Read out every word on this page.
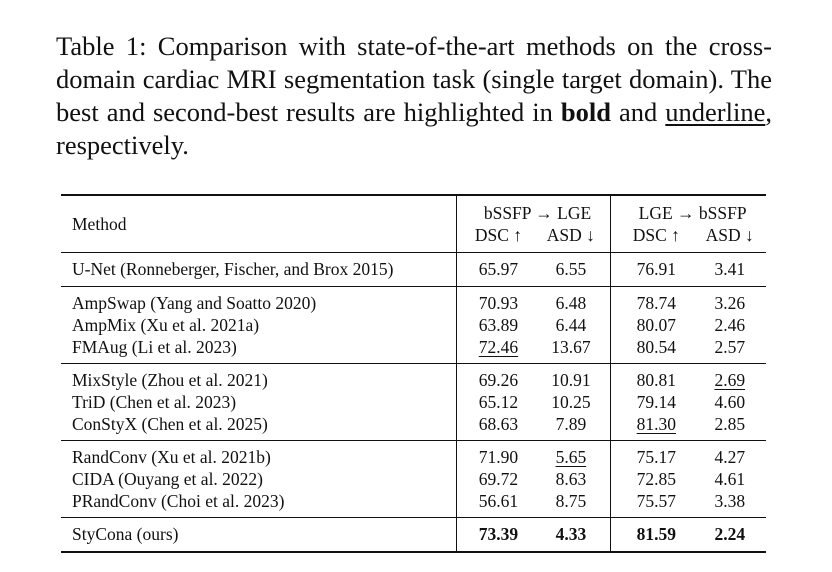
Table 1: Comparison with state-of-the-art methods on the cross-domain cardiac MRI segmentation task (single target domain). The best and second-best results are highlighted in bold and underline, respectively.

Method		bSSFP → LGE			LGE → bSSFP	
		DSC ↑	ASD ↓		DSC ↑	ASD ↓
U-Net (Ronneberger, Fischer, and Brox 2015)		65.97	6.55		76.91	3.41
AmpSwap (Yang and Soatto 2020)		70.93	6.48		78.74	3.26
AmpMix (Xu et al. 2021a)		63.89	6.44		80.07	2.46
FMAug (Li et al. 2023)		72.46	13.67		80.54	2.57
MixStyle (Zhou et al. 2021)		69.26	10.91		80.81	2.69
TriD (Chen et al. 2023)		65.12	10.25		79.14	4.60
ConStyX (Chen et al. 2025)		68.63	7.89		81.30	2.85
RandConv (Xu et al. 2021b)		71.90	5.65		75.17	4.27
CIDA (Ouyang et al. 2022)		69.72	8.63		72.85	4.61
PRandConv (Choi et al. 2023)		56.61	8.75		75.57	3.38
StyCona (ours)		73.39	4.33		81.59	2.24
